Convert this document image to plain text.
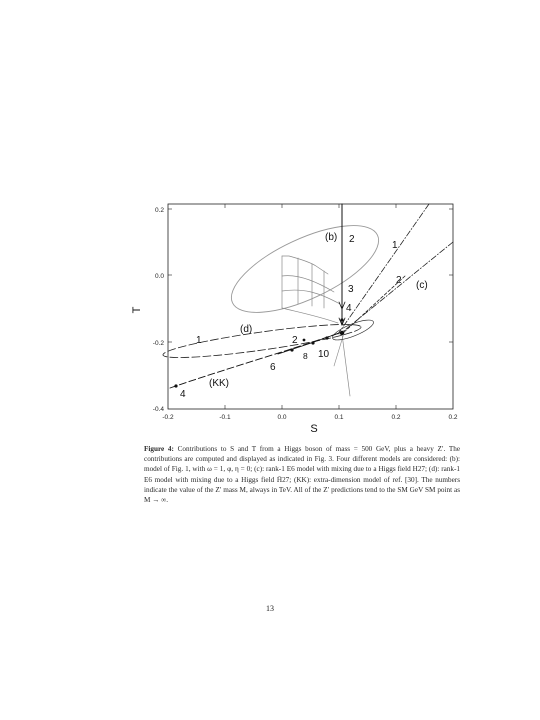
-0.2	-0.1	0.0	0.1	0.2	0.2
0.2
0.0
-0.2
-0.4
S
T
(b) 2
3
4
1
2 (c)
(d)
1	2
(KK)
4
6
8 10
Figure 4: Contributions to S and T from a Higgs boson of mass = 500 GeV, plus a heavy Z′. The contributions are computed and displayed as indicated in Fig. 3. Four different models are considered: (b): model of Fig. 1, with ω = 1, φ, η = 0; (c): rank-1 E6 model with mixing due to a Higgs field H27; (d): rank-1 E6 model with mixing due to a Higgs field H̄27; (KK): extra-dimension model of ref. [30]. The numbers indicate the value of the Z′ mass M, always in TeV. All of the Z′ predictions tend to the SM GeV SM point as M → ∞.
13
